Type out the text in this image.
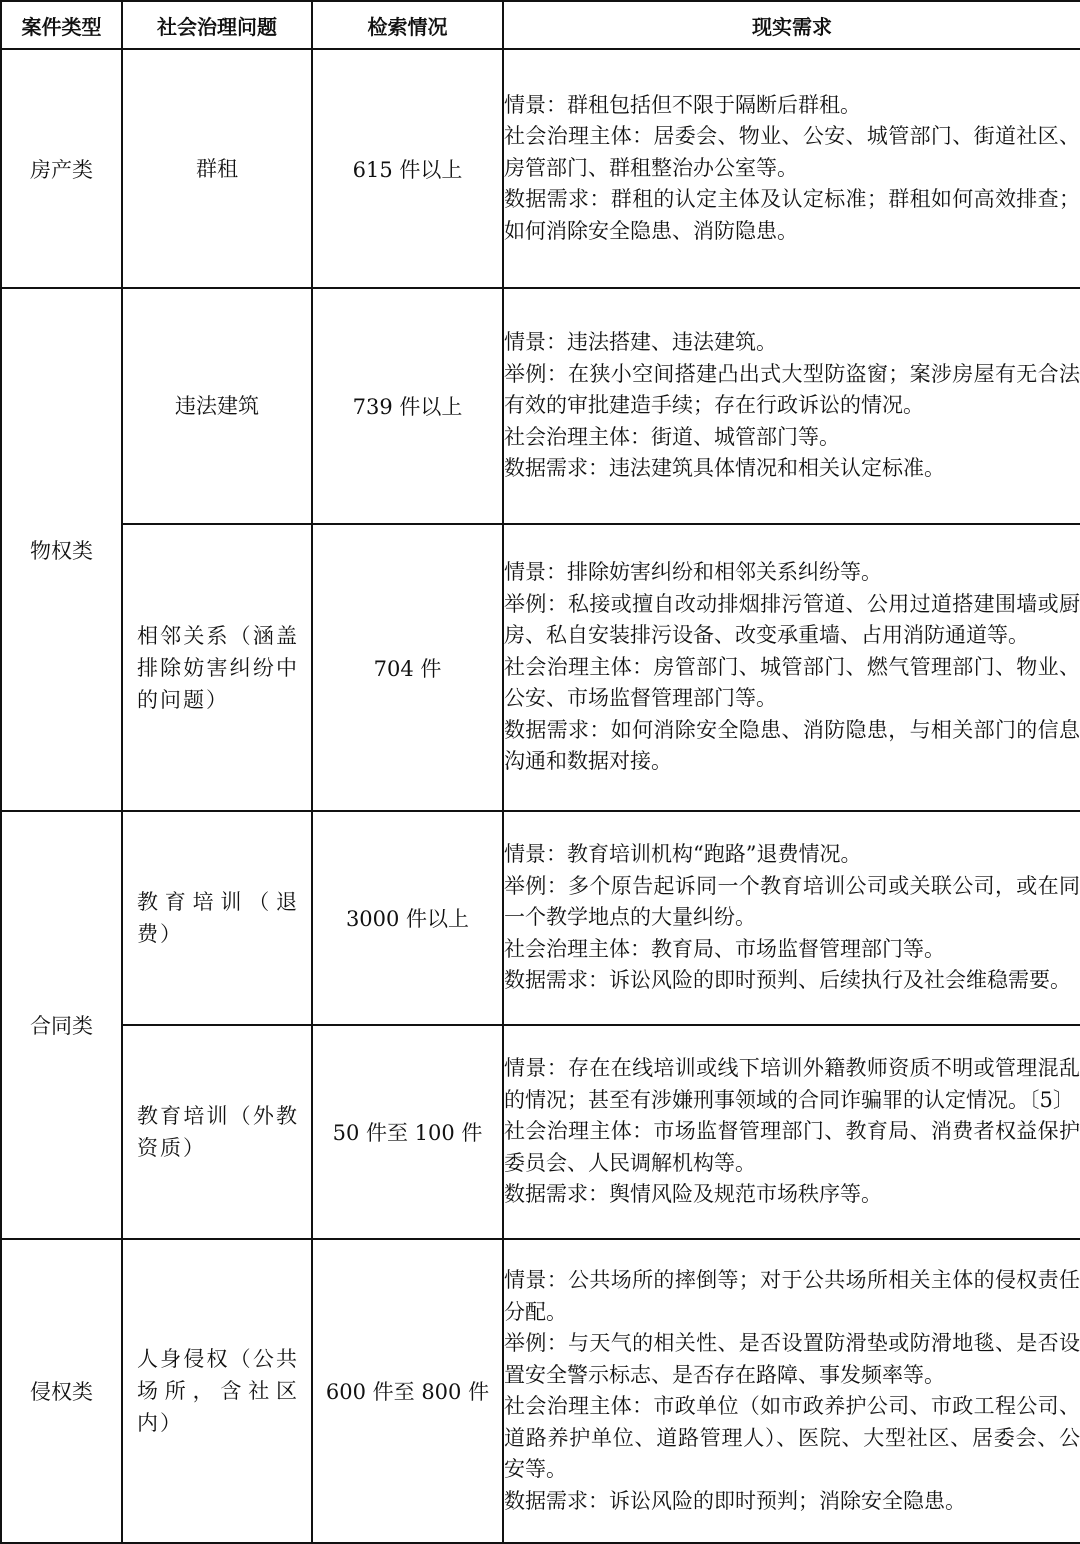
案件类型	社会治理问题	检索情况	现实需求
房产类	群租	615 件以上	情景：群租包括但不限于隔断后群租。
社会治理主体：居委会、物业、公安、城管部门、街道社区、房管部门、群租整治办公室等。
数据需求：群租的认定主体及认定标准；群租如何高效排查；如何消除安全隐患、消防隐患。

物权类	违法建筑	739 件以上	情景：违法搭建、违法建筑。
举例：在狭小空间搭建凸出式大型防盗窗；案涉房屋有无合法有效的审批建造手续；存在行政诉讼的情况。
社会治理主体：街道、城管部门等。
数据需求：违法建筑具体情况和相关认定标准。

	相邻关系（涵盖排除妨害纠纷中的问题）	704 件	情景：排除妨害纠纷和相邻关系纠纷等。
举例：私接或擅自改动排烟排污管道、公用过道搭建围墙或厨房、私自安装排污设备、改变承重墙、占用消防通道等。
社会治理主体：房管部门、城管部门、燃气管理部门、物业、公安、市场监督管理部门等。
数据需求：如何消除安全隐患、消防隐患，与相关部门的信息沟通和数据对接。

合同类	教育培训（退费）	3000 件以上	情景：教育培训机构“跑路”退费情况。
举例：多个原告起诉同一个教育培训公司或关联公司，或在同一个教学地点的大量纠纷。
社会治理主体：教育局、市场监督管理部门等。
数据需求：诉讼风险的即时预判、后续执行及社会维稳需要。

	教育培训（外教资质）	50 件至 100 件	情景：存在在线培训或线下培训外籍教师资质不明或管理混乱的情况；甚至有涉嫌刑事领域的合同诈骗罪的认定情况。〔5〕
社会治理主体：市场监督管理部门、教育局、消费者权益保护委员会、人民调解机构等。
数据需求：舆情风险及规范市场秩序等。

侵权类	人身侵权（公共场所，含社区内）	600 件至 800 件	情景：公共场所的摔倒等；对于公共场所相关主体的侵权责任分配。
举例：与天气的相关性、是否设置防滑垫或防滑地毯、是否设置安全警示标志、是否存在路障、事发频率等。
社会治理主体：市政单位（如市政养护公司、市政工程公司、道路养护单位、道路管理人）、医院、大型社区、居委会、公安等。
数据需求：诉讼风险的即时预判；消除安全隐患。
